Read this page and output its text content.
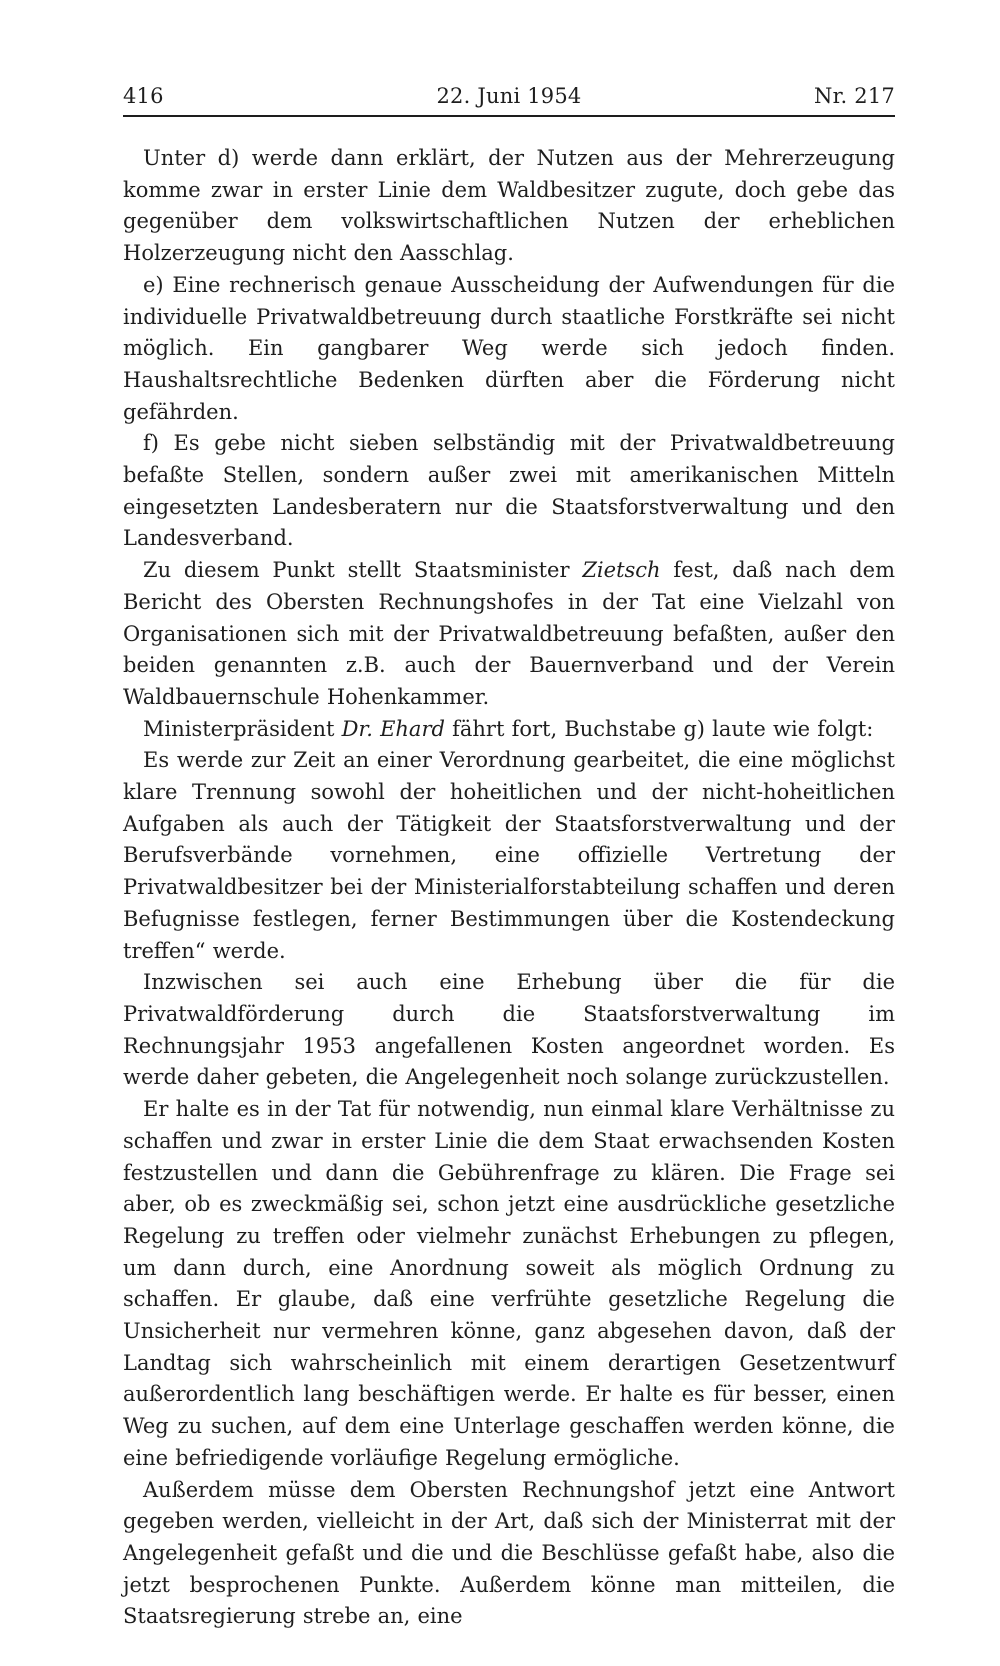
416	22. Juni 1954	Nr. 217

Unter d) werde dann erklärt, der Nutzen aus der Mehrerzeugung komme zwar in erster Linie dem Waldbesitzer zugute, doch gebe das gegenüber dem volkswirtschaftlichen Nutzen der erheblichen Holzerzeugung nicht den Aasschlag.

e) Eine rechnerisch genaue Ausscheidung der Aufwendungen für die individuelle Privatwaldbetreuung durch staatliche Forstkräfte sei nicht möglich. Ein gangbarer Weg werde sich jedoch finden. Haushaltsrechtliche Bedenken dürften aber die Förderung nicht gefährden.

f) Es gebe nicht sieben selbständig mit der Privatwaldbetreuung befaßte Stellen, sondern außer zwei mit amerikanischen Mitteln eingesetzten Landesberatern nur die Staatsforstverwaltung und den Landesverband.

Zu diesem Punkt stellt Staatsminister Zietsch fest, daß nach dem Bericht des Obersten Rechnungshofes in der Tat eine Vielzahl von Organisationen sich mit der Privatwaldbetreuung befaßten, außer den beiden genannten z.B. auch der Bauernverband und der Verein Waldbauernschule Hohenkammer.

Ministerpräsident Dr. Ehard fährt fort, Buchstabe g) laute wie folgt:

Es werde zur Zeit an einer Verordnung gearbeitet, die eine möglichst klare Trennung sowohl der hoheitlichen und der nicht-hoheitlichen Aufgaben als auch der Tätigkeit der Staatsforstverwaltung und der Berufsverbände vornehmen, eine offizielle Vertretung der Privatwaldbesitzer bei der Ministerialforstabteilung schaffen und deren Befugnisse festlegen, ferner Bestimmungen über die Kostendeckung treffen“ werde.

Inzwischen sei auch eine Erhebung über die für die Privatwaldförderung durch die Staatsforstverwaltung im Rechnungsjahr 1953 angefallenen Kosten angeordnet worden. Es werde daher gebeten, die Angelegenheit noch solange zurückzustellen.

Er halte es in der Tat für notwendig, nun einmal klare Verhältnisse zu schaffen und zwar in erster Linie die dem Staat erwachsenden Kosten festzustellen und dann die Gebührenfrage zu klären. Die Frage sei aber, ob es zweckmäßig sei, schon jetzt eine ausdrückliche gesetzliche Regelung zu treffen oder vielmehr zunächst Erhebungen zu pflegen, um dann durch, eine Anordnung soweit als möglich Ordnung zu schaffen. Er glaube, daß eine verfrühte gesetzliche Regelung die Unsicherheit nur vermehren könne, ganz abgesehen davon, daß der Landtag sich wahrscheinlich mit einem derartigen Gesetzentwurf außerordentlich lang beschäftigen werde. Er halte es für besser, einen Weg zu suchen, auf dem eine Unterlage geschaffen werden könne, die eine befriedigende vorläufige Regelung ermögliche.

Außerdem müsse dem Obersten Rechnungshof jetzt eine Antwort gegeben werden, vielleicht in der Art, daß sich der Ministerrat mit der Angelegenheit gefaßt und die und die Beschlüsse gefaßt habe, also die jetzt besprochenen Punkte. Außerdem könne man mitteilen, die Staatsregierung strebe an, eine
